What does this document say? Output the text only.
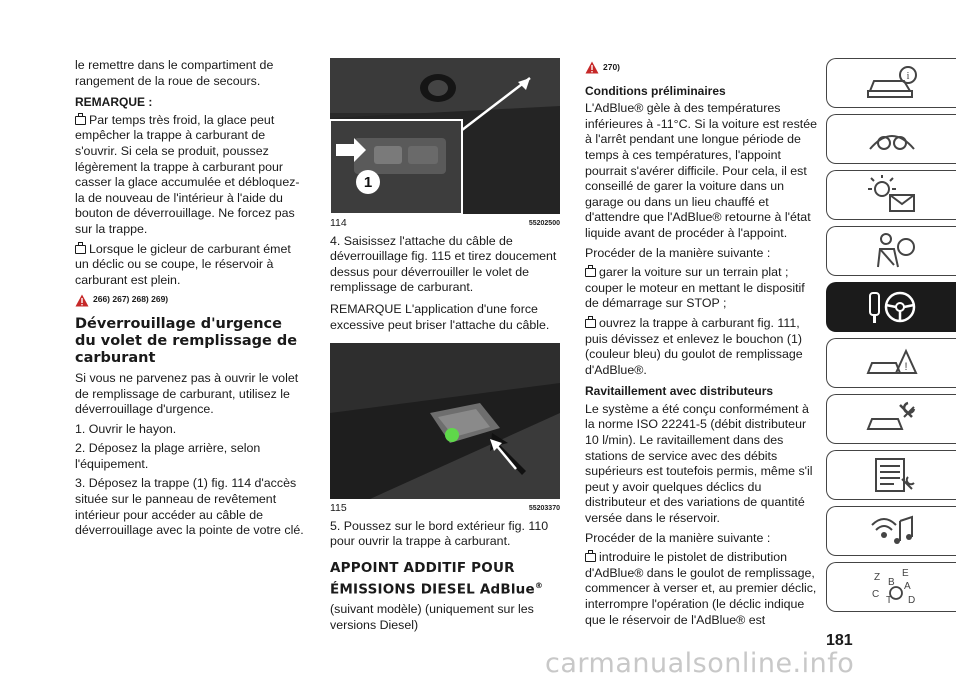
le remettre dans le compartiment de rangement de la roue de secours.

REMARQUE :

Par temps très froid, la glace peut empêcher la trappe à carburant de s'ouvrir. Si cela se produit, poussez légèrement la trappe à carburant pour casser la glace accumulée et débloquez-la de nouveau de l'intérieur à l'aide du bouton de déverrouillage. Ne forcez pas sur la trappe.

Lorsque le gicleur de carburant émet un déclic ou se coupe, le réservoir à carburant est plein.

266) 267) 268) 269)
Déverrouillage d'urgence du volet de remplissage de carburant

Si vous ne parvenez pas à ouvrir le volet de remplissage de carburant, utilisez le déverrouillage d'urgence.

1. Ouvrir le hayon.

2. Déposez la plage arrière, selon l'équipement.

3. Déposez la trappe (1) fig. 114 d'accès située sur le panneau de revêtement intérieur pour accéder au câble de déverrouillage avec la pointe de votre clé.

1
114	55202500

4. Saisissez l'attache du câble de déverrouillage fig. 115 et tirez doucement dessus pour déverrouiller le volet de remplissage de carburant.

REMARQUE L'application d'une force excessive peut briser l'attache du câble.

115	55203370

5. Poussez sur le bord extérieur fig. 110 pour ouvrir la trappe à carburant.

APPOINT ADDITIF POUR
ÉMISSIONS DIESEL AdBlue®

(suivant modèle) (uniquement sur les versions Diesel)

270)
Conditions préliminaires

L'AdBlue® gèle à des températures inférieures à -11°C. Si la voiture est restée à l'arrêt pendant une longue période de temps à ces températures, l'appoint pourrait s'avérer difficile. Pour cela, il est conseillé de garer la voiture dans un garage ou dans un lieu chauffé et d'attendre que l'AdBlue® retourne à l'état liquide avant de procéder à l'appoint.

Procéder de la manière suivante :

garer la voiture sur un terrain plat ; couper le moteur en mettant le dispositif de démarrage sur STOP ;

ouvrez la trappe à carburant fig. 111, puis dévissez et enlevez le bouchon (1) (couleur bleu) du goulot de remplissage d'AdBlue®.

Ravitaillement avec distributeurs

Le système a été conçu conformément à la norme ISO 22241-5 (débit distributeur 10 l/min). Le ravitaillement dans des stations de service avec des débits supérieurs est toutefois permis, même s'il peut y avoir quelques déclics du distributeur et des variations de quantité versée dans le réservoir.

Procéder de la manière suivante :

introduire le pistolet de distribution d'AdBlue® dans le goulot de remplissage, commencer à verser et, au premier déclic, interrompre l'opération (le déclic indique que le réservoir de l'AdBlue® est

i
!
Z E
B A
C
T D
181
carmanualsonline.info
